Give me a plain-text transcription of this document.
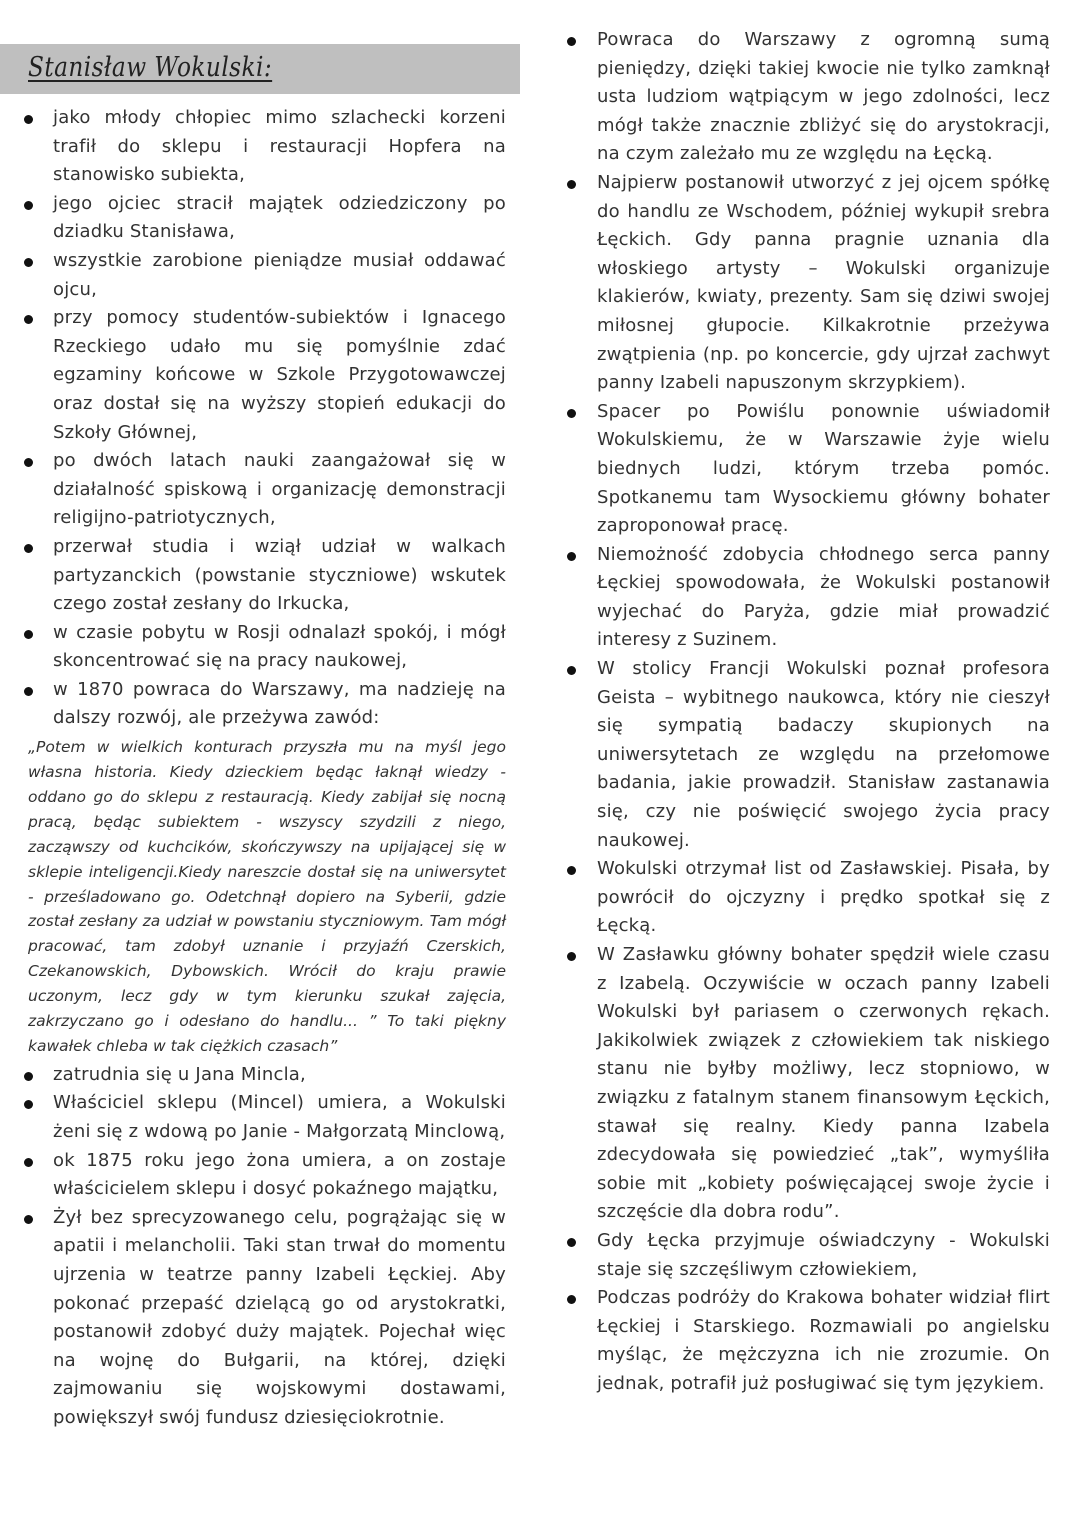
Stanisław Wokulski:
jako młody chłopiec mimo szlachecki korzeni trafił do sklepu i restauracji Hopfera na stanowisko subiekta,
jego ojciec stracił majątek odziedziczony po dziadku Stanisława,
wszystkie zarobione pieniądze musiał oddawać ojcu,
przy pomocy studentów-subiektów i Ignacego Rzeckiego udało mu się pomyślnie zdać egzaminy końcowe w Szkole Przygotowawczej oraz dostał się na wyższy stopień edukacji do Szkoły Głównej,
po dwóch latach nauki zaangażował się w działalność spiskową i organizację demonstracji religijno-patriotycznych,
przerwał studia i wziął udział w walkach partyzanckich (powstanie styczniowe) wskutek czego został zesłany do Irkucka,
w czasie pobytu w Rosji odnalazł spokój, i mógł skoncentrować się na pracy naukowej,
w 1870 powraca do Warszawy, ma nadzieję na dalszy rozwój, ale przeżywa zawód:
„Potem w wielkich konturach przyszła mu na myśl jego własna historia. Kiedy dzieckiem będąc łaknął wiedzy - oddano go do sklepu z restauracją. Kiedy zabijał się nocną pracą, będąc subiektem - wszyscy szydzili z niego, zacząwszy od kuchcików, skończywszy na upijającej się w sklepie inteligencji.Kiedy nareszcie dostał się na uniwersytet - prześladowano go. Odetchnął dopiero na Syberii, gdzie został zesłany za udział w powstaniu styczniowym. Tam mógł pracować, tam zdobył uznanie i przyjaźń Czerskich, Czekanowskich, Dybowskich. Wrócił do kraju prawie uczonym, lecz gdy w tym kierunku szukał zajęcia, zakrzyczano go i odesłano do handlu... ” To taki piękny kawałek chleba w tak ciężkich czasach”
zatrudnia się u Jana Mincla,
Właściciel sklepu (Mincel) umiera, a Wokulski żeni się z wdową po Janie - Małgorzatą Minclową,
ok 1875 roku jego żona umiera, a on zostaje właścicielem sklepu i dosyć pokaźnego majątku,
Żył bez sprecyzowanego celu, pogrążając się w apatii i melancholii. Taki stan trwał do momentu ujrzenia w teatrze panny Izabeli Łęckiej. Aby pokonać przepaść dzielącą go od arystokratki, postanowił zdobyć duży majątek. Pojechał więc na wojnę do Bułgarii, na której, dzięki zajmowaniu się wojskowymi dostawami, powiększył swój fundusz dziesięciokrotnie.
Powraca do Warszawy z ogromną sumą pieniędzy, dzięki takiej kwocie nie tylko zamknął usta ludziom wątpiącym w jego zdolności, lecz mógł także znacznie zbliżyć się do arystokracji, na czym zależało mu ze względu na Łęcką.
Najpierw postanowił utworzyć z jej ojcem spółkę do handlu ze Wschodem, później wykupił srebra Łęckich. Gdy panna pragnie uznania dla włoskiego artysty – Wokulski organizuje klakierów, kwiaty, prezenty. Sam się dziwi swojej miłosnej głupocie. Kilkakrotnie przeżywa zwątpienia (np. po koncercie, gdy ujrzał zachwyt panny Izabeli napuszonym skrzypkiem).
Spacer po Powiślu ponownie uświadomił Wokulskiemu, że w Warszawie żyje wielu biednych ludzi, którym trzeba pomóc. Spotkanemu tam Wysockiemu główny bohater zaproponował pracę.
Niemożność zdobycia chłodnego serca panny Łęckiej spowodowała, że Wokulski postanowił wyjechać do Paryża, gdzie miał prowadzić interesy z Suzinem.
W stolicy Francji Wokulski poznał profesora Geista – wybitnego naukowca, który nie cieszył się sympatią badaczy skupionych na uniwersytetach ze względu na przełomowe badania, jakie prowadził. Stanisław zastanawia się, czy nie poświęcić swojego życia pracy naukowej.
Wokulski otrzymał list od Zasławskiej. Pisała, by powrócił do ojczyzny i prędko spotkał się z Łęcką.
W Zasławku główny bohater spędził wiele czasu z Izabelą. Oczywiście w oczach panny Izabeli Wokulski był pariasem o czerwonych rękach. Jakikolwiek związek z człowiekiem tak niskiego stanu nie byłby możliwy, lecz stopniowo, w związku z fatalnym stanem finansowym Łęckich, stawał się realny. Kiedy panna Izabela zdecydowała się powiedzieć „tak”, wymyśliła sobie mit „kobiety poświęcającej swoje życie i szczęście dla dobra rodu”.
Gdy Łęcka przyjmuje oświadczyny - Wokulski staje się szczęśliwym człowiekiem,
Podczas podróży do Krakowa bohater widział flirt Łęckiej i Starskiego. Rozmawiali po angielsku myśląc, że mężczyzna ich nie zrozumie. On jednak, potrafił już posługiwać się tym językiem.
